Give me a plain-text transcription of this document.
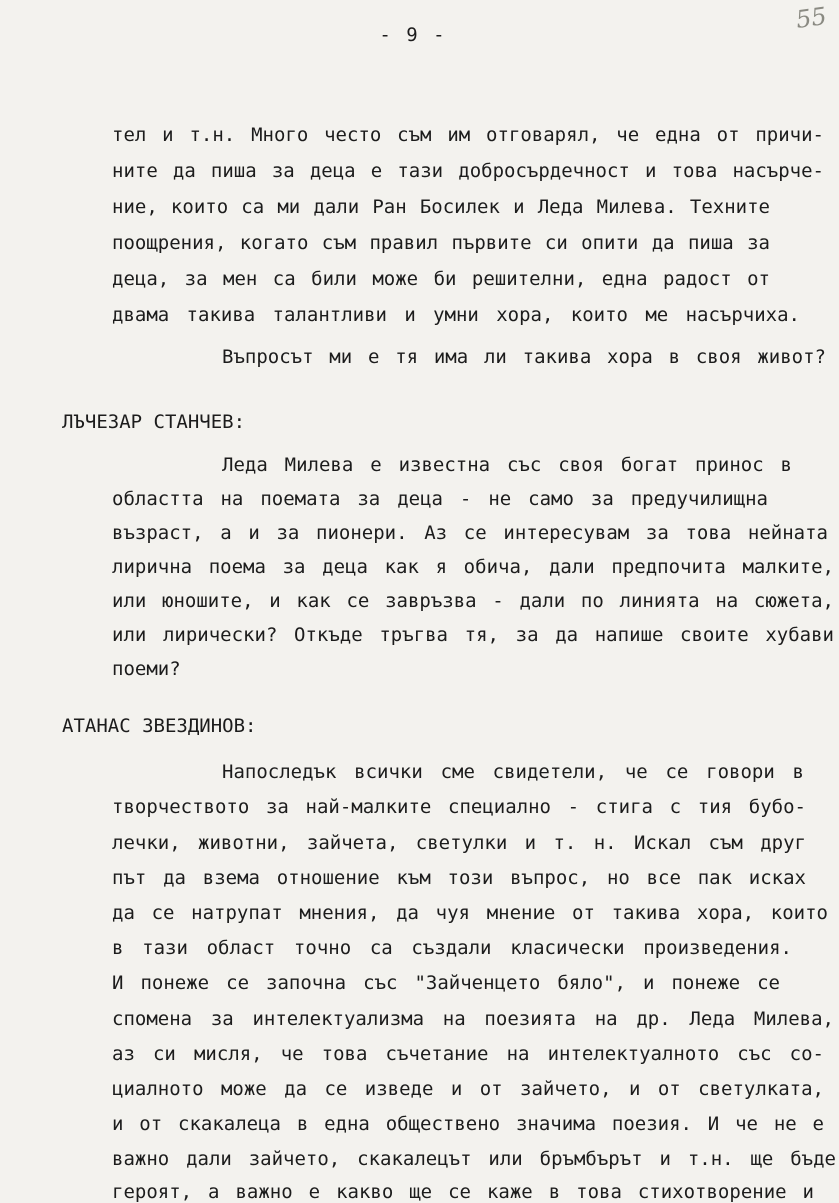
- 9 -
55
тел и т.н. Много често съм им отговарял, че една от причи-
ните да пиша за деца е тази добросърдечност и това насърче-
ние, които са ми дали Ран Босилек и Леда Милева. Техните
поощрения, когато съм правил първите си опити да пиша за
деца, за мен са били може би решителни, една радост от
двама такива талантливи и умни хора, които ме насърчиха.
Въпросът ми е тя има ли такива хора в своя живот?
ЛЪЧЕЗАР СТАНЧЕВ:
Леда Милева е известна със своя богат принос в
областта на поемата за деца - не само за предучилищна
възраст, а и за пионери. Аз се интересувам за това нейната
лирична поема за деца как я обича, дали предпочита малките,
или юношите, и как се завръзва - дали по линията на сюжета,
или лирически? Откъде тръгва тя, за да напише своите хубави
поеми?
АТАНАС ЗВЕЗДИНОВ:
Напоследък всички сме свидетели, че се говори в
творчеството за най-малките специално - стига с тия бубо-
лечки, животни, зайчета, светулки и т. н. Искал съм друг
път да взема отношение към този въпрос, но все пак исках
да се натрупат мнения, да чуя мнение от такива хора, които
в тази област точно са създали класически произведения.
И понеже се започна със "Зайченцето бяло", и понеже се
спомена за интелектуализма на поезията на др. Леда Милева,
аз си мисля, че това съчетание на интелектуалното със со-
циалното може да се изведе и от зайчето, и от светулката,
и от скакалеца в една обществено значима поезия. И че не е
важно дали зайчето, скакалецът или бръмбърът и т.н. ще бъде
героят, а важно е какво ще се каже в това стихотворение и
